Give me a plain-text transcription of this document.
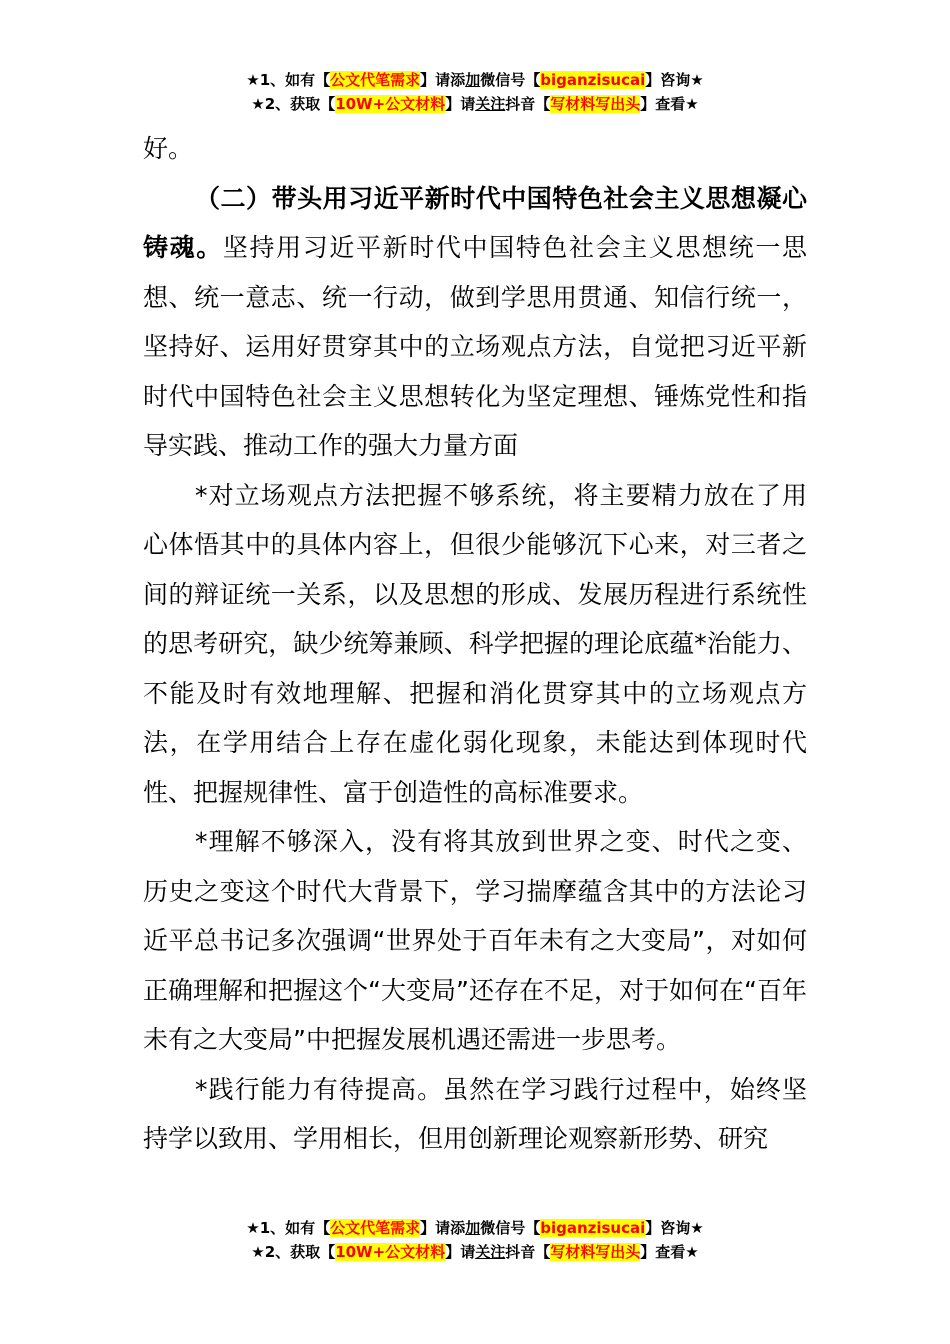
★1、如有【公文代笔需求】请添加微信号【biganzisucai】咨询★
★2、获取【10W+公文材料】请关注抖音【写材料写出头】查看★

好。

（二）带头用习近平新时代中国特色社会主义思想凝心铸魂。坚持用习近平新时代中国特色社会主义思想统一思想、统一意志、统一行动，做到学思用贯通、知信行统一，坚持好、运用好贯穿其中的立场观点方法，自觉把习近平新时代中国特色社会主义思想转化为坚定理想、锤炼党性和指导实践、推动工作的强大力量方面

*对立场观点方法把握不够系统，将主要精力放在了用心体悟其中的具体内容上，但很少能够沉下心来，对三者之间的辩证统一关系，以及思想的形成、发展历程进行系统性的思考研究，缺少统筹兼顾、科学把握的理论底蕴*治能力、不能及时有效地理解、把握和消化贯穿其中的立场观点方法，在学用结合上存在虚化弱化现象，未能达到体现时代性、把握规律性、富于创造性的高标准要求。

*理解不够深入，没有将其放到世界之变、时代之变、历史之变这个时代大背景下，学习揣摩蕴含其中的方法论习近平总书记多次强调“世界处于百年未有之大变局”，对如何正确理解和把握这个“大变局”还存在不足，对于如何在“百年未有之大变局”中把握发展机遇还需进一步思考。

*践行能力有待提高。虽然在学习践行过程中，始终坚持学以致用、学用相长，但用创新理论观察新形势、研究

★1、如有【公文代笔需求】请添加微信号【biganzisucai】咨询★
★2、获取【10W+公文材料】请关注抖音【写材料写出头】查看★
